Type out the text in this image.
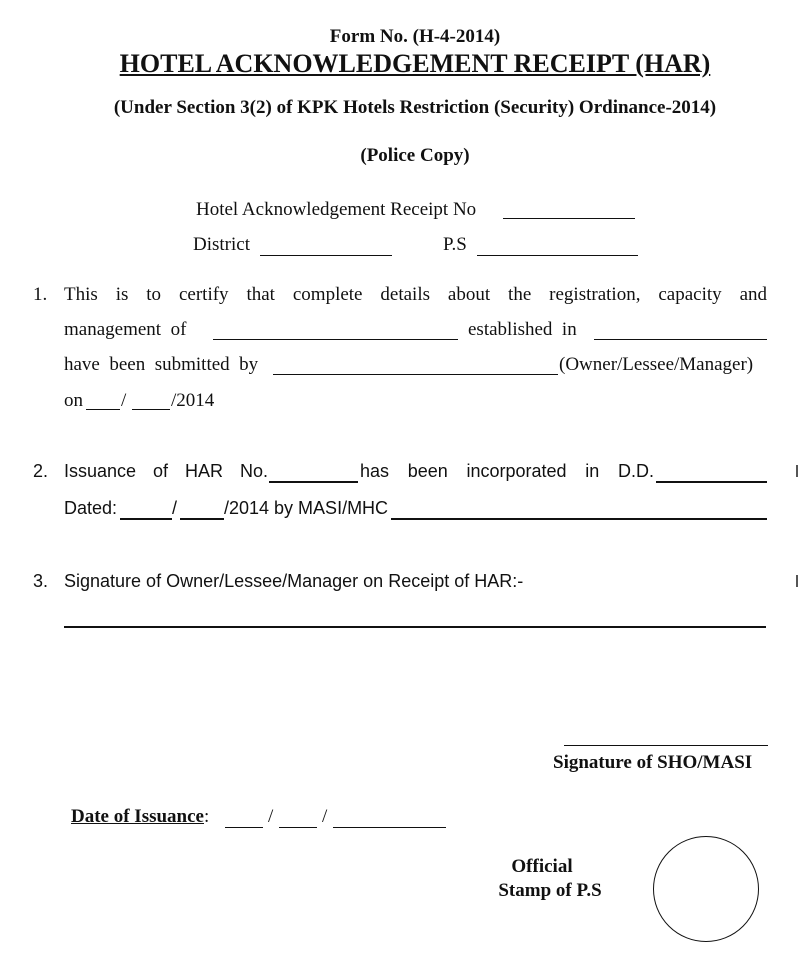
Form No. (H-4-2014)
HOTEL ACKNOWLEDGEMENT RECEIPT (HAR)
(Under Section 3(2) of KPK Hotels Restriction (Security) Ordinance-2014)
(Police Copy)
Hotel Acknowledgement Receipt No
District	P.S
1. This is to certify that complete details about the registration, capacity and
management  of	established  in
have  been  submitted  by	(Owner/Lessee/Manager)
on / /2014
2. Issuance of HAR No.	has been incorporated in D.D.
Dated:	/	/2014 by MASI/MHC
3. Signature of Owner/Lessee/Manager on Receipt of HAR:-
Signature of SHO/MASI
Date of Issuance:	/	/
Official
Stamp of P.S
